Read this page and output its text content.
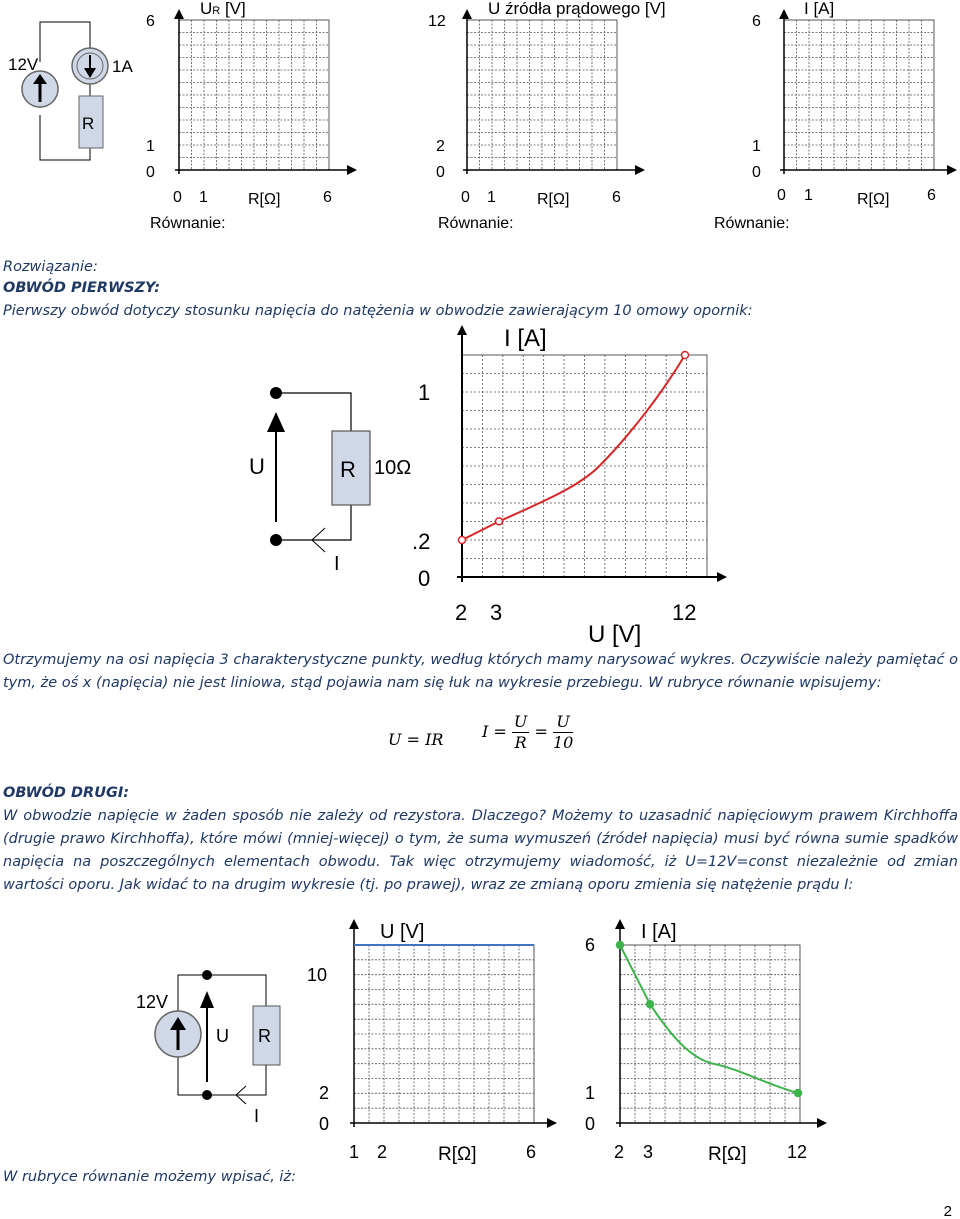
12V	1A
R
UR [V]
6
1
0
0 1	R[Ω]	6
Równanie:
U źródła prądowego [V]
12
2
0
0 1	R[Ω]	6
Równanie:
I [A]
6
1
0
0 1	R[Ω] 6
Równanie:
R 10Ω
U
I
I [A]
U [V]
1
.2
0
2 3	12
12V
U R
I
U [V]
R[Ω]
10
2
0
1 2	6
I [A]
R[Ω]
6
1
0
2 3	12

Rozwiązanie:

OBWÓD PIERWSZY:

Pierwszy obwód dotyczy stosunku napięcia do natężenia w obwodzie zawierającym 10 omowy opornik:

Otrzymujemy na osi napięcia 3 charakterystyczne punkty, według których mamy narysować wykres. Oczywiście należy pamiętać o tym, że oś x (napięcia) nie jest liniowa, stąd pojawia nam się łuk na wykresie przebiegu. W rubryce równanie wpisujemy:

U = IR $I = \frac{U}{R} = \frac{U}{10}$

OBWÓD DRUGI:

W obwodzie napięcie w żaden sposób nie zależy od rezystora. Dlaczego? Możemy to uzasadnić napięciowym prawem Kirchhoffa (drugie prawo Kirchhoffa), które mówi (mniej-więcej) o tym, że suma wymuszeń (źródeł napięcia) musi być równa sumie spadków napięcia na poszczególnych elementach obwodu. Tak więc otrzymujemy wiadomość, iż U=12V=const niezależnie od zmian wartości oporu. Jak widać to na drugim wykresie (tj. po prawej), wraz ze zmianą oporu zmienia się natężenie prądu I:

W rubryce równanie możemy wpisać, iż:

2
